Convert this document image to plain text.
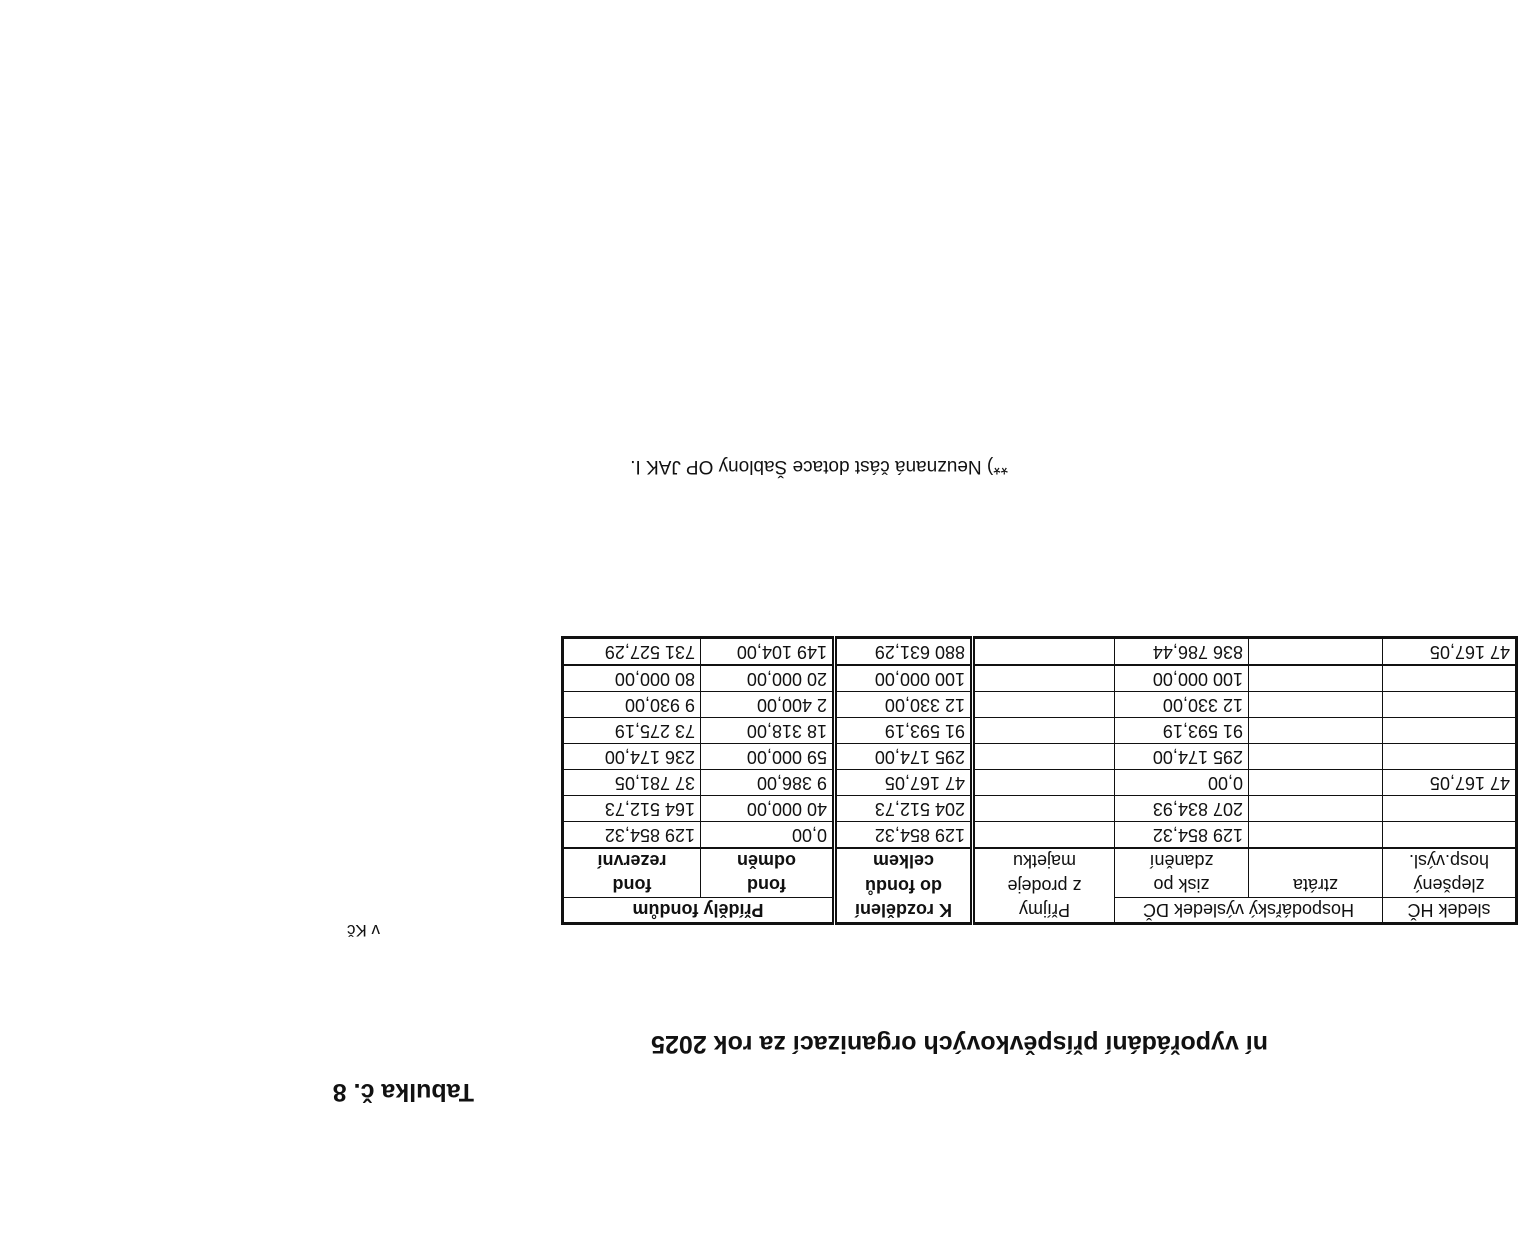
Tabulka č. 8
ní vypořádání příspěvkových organizací za rok 2025
v Kč
sledek HČ	Hospodářský výsledek DČ		Příjmy	K rozdělení	Příděly fondům	
zlepšený	ztráta	zisk po	z prodeje	do fondů	fond	fond
hosp.výsl.		zdanění	majetku	celkem	odměn	rezervní
		129 854,32		129 854,32	0,00	129 854,32
		207 834,93		204 512,73	40 000,00	164 512,73
47 167,05		0,00		47 167,05	9 386,00	37 781,05
		295 174,00		295 174,00	59 000,00	236 174,00
		91 593,19		91 593,19	18 318,00	73 275,19
		12 330,00		12 330,00	2 400,00	9 930,00
		100 000,00		100 000,00	20 000,00	80 000,00
47 167,05		836 786,44		880 631,29	149 104,00	731 527,29
**) Neuznaná část dotace Šablony OP JAK I.
